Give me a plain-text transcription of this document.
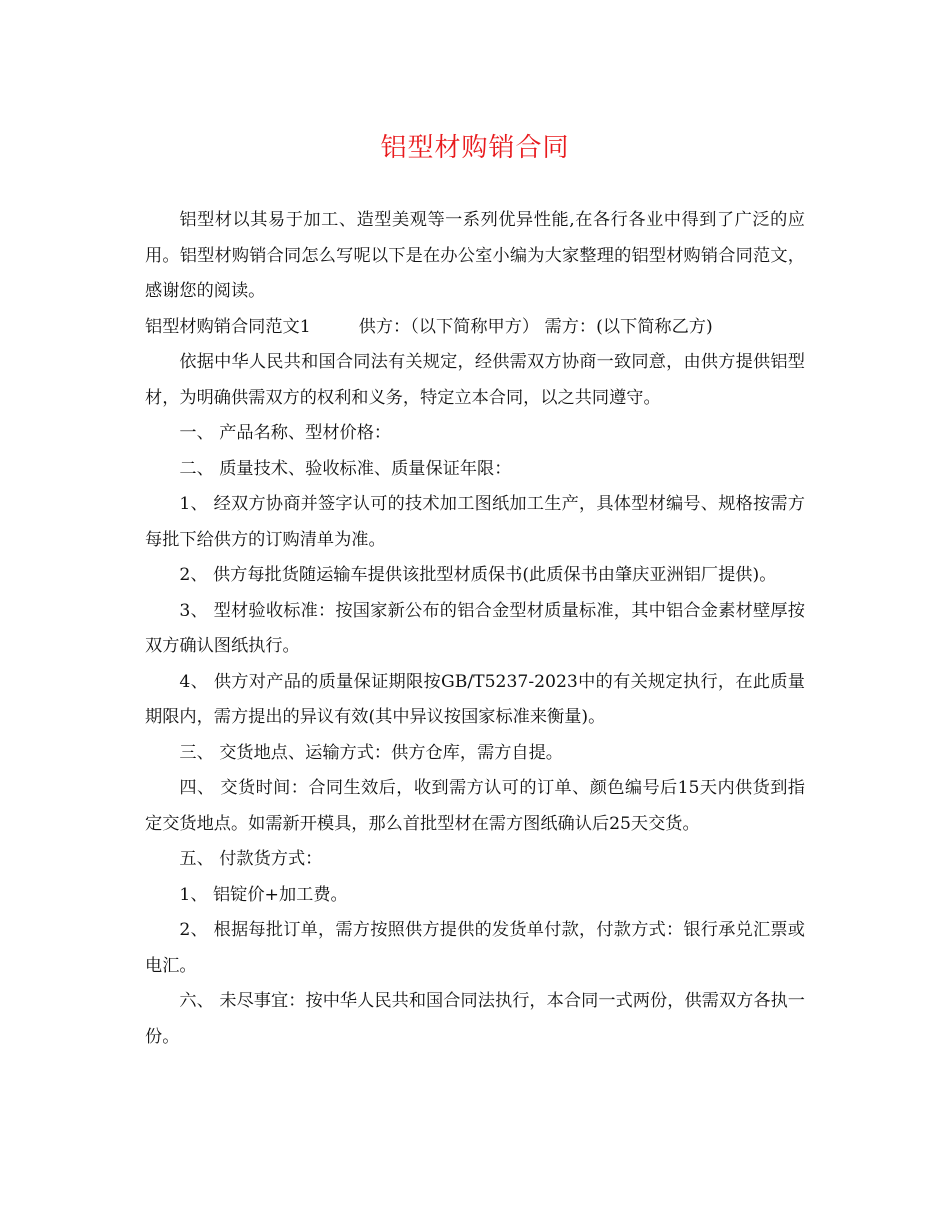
铝型材购销合同

铝型材以其易于加工、造型美观等一系列优异性能,在各行各业中得到了广泛的应用。铝型材购销合同怎么写呢以下是在办公室小编为大家整理的铝型材购销合同范文，感谢您的阅读。

铝型材购销合同范文1	供方：（以下简称甲方） 需方：(以下简称乙方)

依据中华人民共和国合同法有关规定，经供需双方协商一致同意，由供方提供铝型材，为明确供需双方的权利和义务，特定立本合同，以之共同遵守。

一、 产品名称、型材价格：

二、 质量技术、验收标准、质量保证年限：

1、 经双方协商并签字认可的技术加工图纸加工生产，具体型材编号、规格按需方每批下给供方的订购清单为准。

2、 供方每批货随运输车提供该批型材质保书(此质保书由肇庆亚洲铝厂提供)。

3、 型材验收标准：按国家新公布的铝合金型材质量标准，其中铝合金素材壁厚按双方确认图纸执行。

4、 供方对产品的质量保证期限按GB/T5237-2023中的有关规定执行，在此质量期限内，需方提出的异议有效(其中异议按国家标准来衡量)。

三、 交货地点、运输方式：供方仓库，需方自提。

四、 交货时间：合同生效后，收到需方认可的订单、颜色编号后15天内供货到指定交货地点。如需新开模具，那么首批型材在需方图纸确认后25天交货。

五、 付款货方式：

1、 铝锭价+加工费。

2、 根据每批订单，需方按照供方提供的发货单付款，付款方式：银行承兑汇票或电汇。

六、 未尽事宜：按中华人民共和国合同法执行，本合同一式两份，供需双方各执一份。
